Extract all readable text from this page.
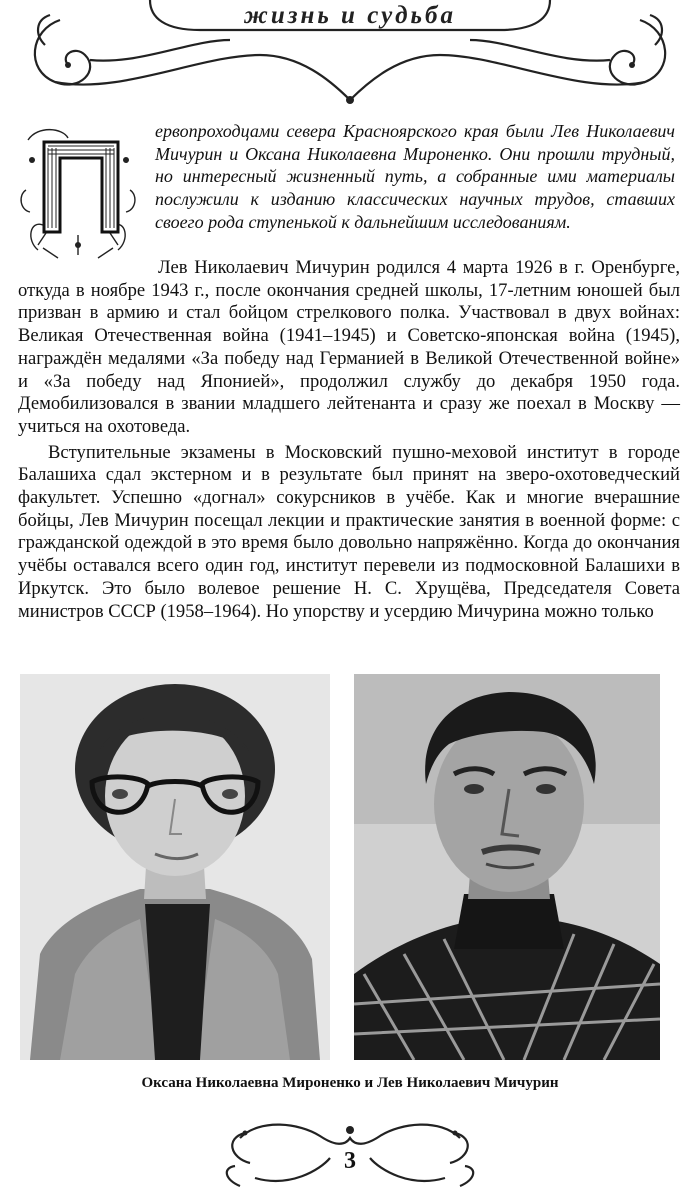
жизнь и судьба
ервопроходцами севера Красноярского края были Лев Николаевич Мичурин и Оксана Николаевна Мироненко. Они прошли трудный, но интересный жизненный путь, а собранные ими материалы послужили к изданию классических научных трудов, ставших своего рода ступенькой к дальнейшим исследованиям.

Лев Николаевич Мичурин родился 4 марта 1926 в г. Оренбурге, откуда в ноябре 1943 г., после окончания средней школы, 17-летним юношей был призван в армию и стал бойцом стрелкового полка. Участвовал в двух войнах: Великая Отечественная война (1941–1945) и Советско-японская война (1945), награждён медалями «За победу над Германией в Великой Отечественной войне» и «За победу над Японией», продолжил службу до декабря 1950 года. Демобилизовался в звании младшего лейтенанта и сразу же поехал в Москву — учиться на охотоведа.

Вступительные экзамены в Московский пушно-меховой институт в городе Балашиха сдал экстерном и в результате был принят на зверо-охотоведческий факультет. Успешно «догнал» сокурсников в учёбе. Как и многие вчерашние бойцы, Лев Мичурин посещал лекции и практические занятия в военной форме: с гражданской одеждой в это время было довольно напряжённо. Когда до окончания учёбы оставался всего один год, институт перевели из подмосковной Балашихи в Иркутск. Это было волевое решение Н. С. Хрущёва, Председателя Совета министров СССР (1958–1964). Но упорству и усердию Мичурина можно только

Оксана Николаевна Мироненко и Лев Николаевич Мичурин
3
